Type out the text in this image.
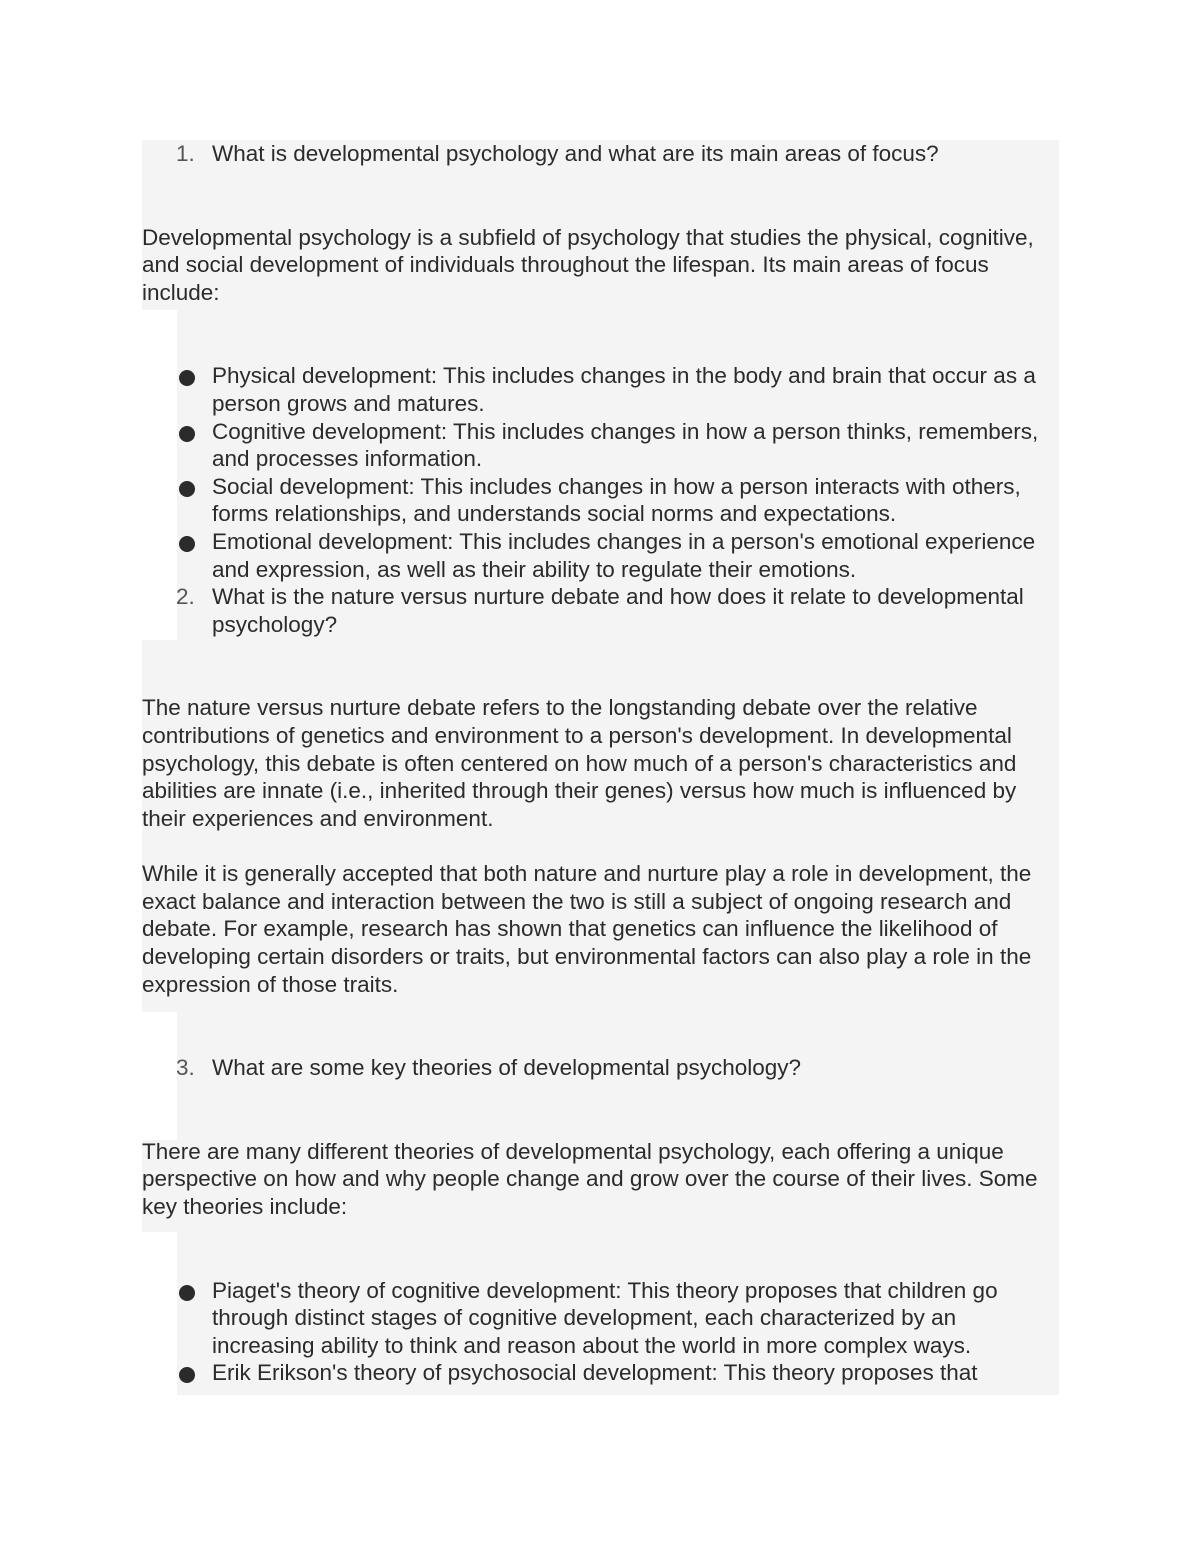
1. What is developmental psychology and what are its main areas of focus?

Developmental psychology is a subfield of psychology that studies the physical, cognitive, and social development of individuals throughout the lifespan. Its main areas of focus include:

Physical development: This includes changes in the body and brain that occur as a person grows and matures.
Cognitive development: This includes changes in how a person thinks, remembers, and processes information.
Social development: This includes changes in how a person interacts with others, forms relationships, and understands social norms and expectations.
Emotional development: This includes changes in a person's emotional experience and expression, as well as their ability to regulate their emotions.
2. What is the nature versus nurture debate and how does it relate to developmental psychology?

The nature versus nurture debate refers to the longstanding debate over the relative contributions of genetics and environment to a person's development. In developmental psychology, this debate is often centered on how much of a person's characteristics and abilities are innate (i.e., inherited through their genes) versus how much is influenced by their experiences and environment.

While it is generally accepted that both nature and nurture play a role in development, the exact balance and interaction between the two is still a subject of ongoing research and debate. For example, research has shown that genetics can influence the likelihood of developing certain disorders or traits, but environmental factors can also play a role in the expression of those traits.

3. What are some key theories of developmental psychology?

There are many different theories of developmental psychology, each offering a unique perspective on how and why people change and grow over the course of their lives. Some key theories include:

Piaget's theory of cognitive development: This theory proposes that children go through distinct stages of cognitive development, each characterized by an increasing ability to think and reason about the world in more complex ways.
Erik Erikson's theory of psychosocial development: This theory proposes that
